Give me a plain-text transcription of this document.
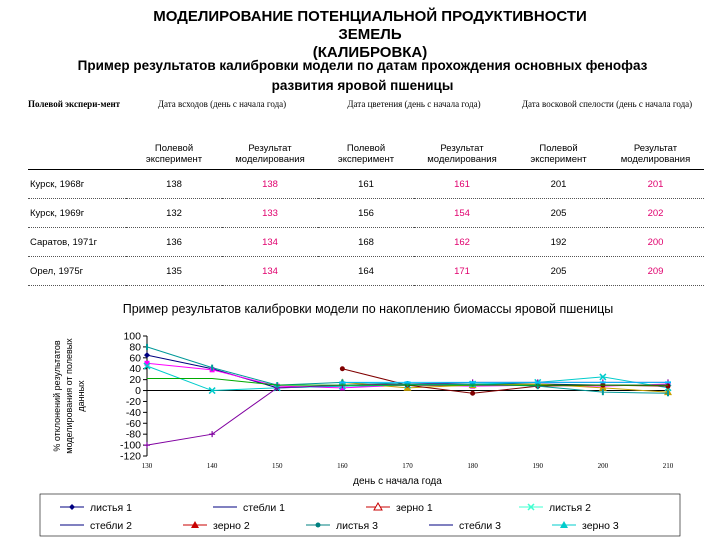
МОДЕЛИРОВАНИЕ ПОТЕНЦИАЛЬНОЙ ПРОДУКТИВНОСТИ
ЗЕМЕЛЬ
(КАЛИБРОВКА)
Пример результатов калибровки модели по датам прохождения основных фенофаз
развития яровой пшеницы
Полевой экспери-мент	Дата всходов (день с начала года)		Дата цветения (день с начала года)		Дата восковой спелости (день с начала года)	
	Полевой эксперимент	Результат моделирования	Полевой эксперимент	Результат моделирования	Полевой эксперимент	Результат моделирования
Курск, 1968г	138	138	161	161	201	201
Курск, 1969г	132	133	156	154	205	202
Саратов, 1971г	136	134	168	162	192	200
Орел, 1975г	135	134	164	171	205	209
Пример результатов калибровки модели по накоплению биомассы яровой пшеницы
-120
-100
-80
-60
-40
-20
0
20
40
60
80
100
130	140	150	160	170	180	190	200	210
день с начала года
% отклонений результатов моделирования от полевых данных
листья 1	стебли 1	зерно 1	листья 2
стебли 2	зерно 2	листья 3	стебли 3	зерно 3
